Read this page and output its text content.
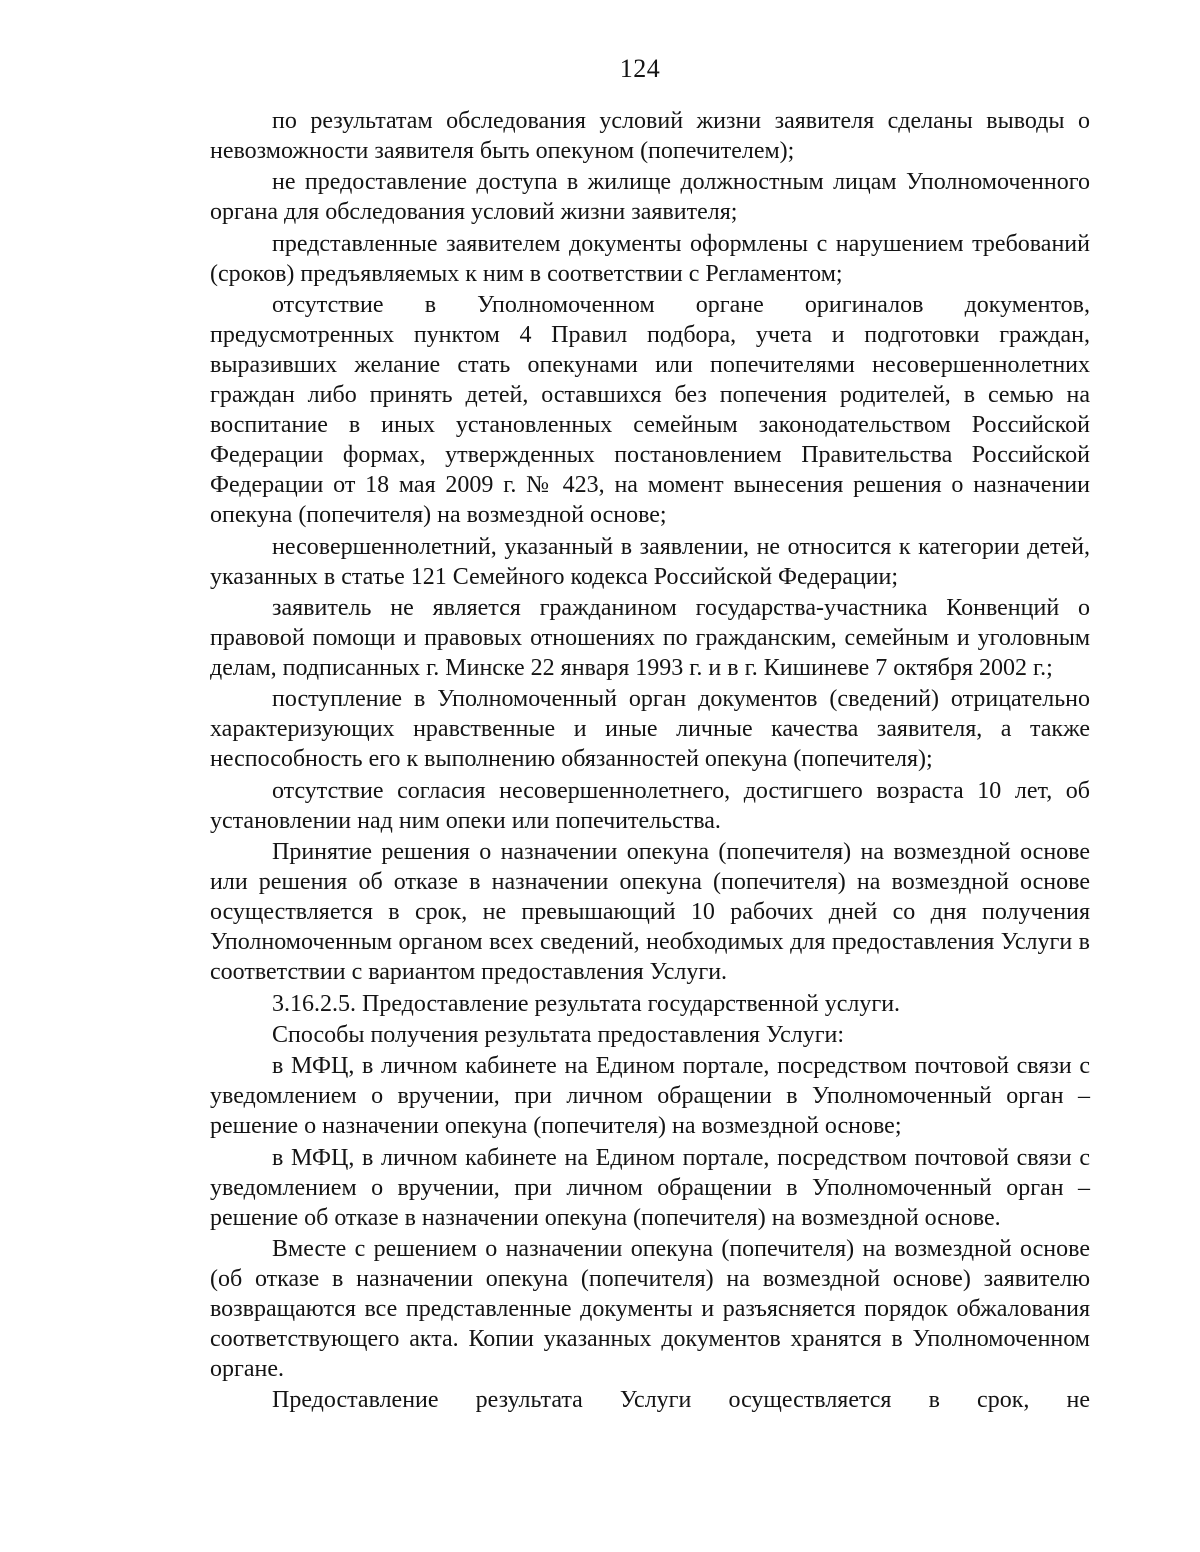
124

по результатам обследования условий жизни заявителя сделаны выводы о невозможности заявителя быть опекуном (попечителем);

не предоставление доступа в жилище должностным лицам Уполномоченного органа для обследования условий жизни заявителя;

представленные заявителем документы оформлены с нарушением требований (сроков) предъявляемых к ним в соответствии с Регламентом;

отсутствие в Уполномоченном органе оригиналов документов, предусмотренных пунктом 4 Правил подбора, учета и подготовки граждан, выразивших желание стать опекунами или попечителями несовершеннолетних граждан либо принять детей, оставшихся без попечения родителей, в семью на воспитание в иных установленных семейным законодательством Российской Федерации формах, утвержденных постановлением Правительства Российской Федерации от 18 мая 2009 г. № 423, на момент вынесения решения о назначении опекуна (попечителя) на возмездной основе;

несовершеннолетний, указанный в заявлении, не относится к категории детей, указанных в статье 121 Семейного кодекса Российской Федерации;

заявитель не является гражданином государства-участника Конвенций о правовой помощи и правовых отношениях по гражданским, семейным и уголовным делам, подписанных г. Минске 22 января 1993 г. и в г. Кишиневе 7 октября 2002 г.;

поступление в Уполномоченный орган документов (сведений) отрицательно характеризующих нравственные и иные личные качества заявителя, а также неспособность его к выполнению обязанностей опекуна (попечителя);

отсутствие согласия несовершеннолетнего, достигшего возраста 10 лет, об установлении над ним опеки или попечительства.

Принятие решения о назначении опекуна (попечителя) на возмездной основе или решения об отказе в назначении опекуна (попечителя) на возмездной основе осуществляется в срок, не превышающий 10 рабочих дней со дня получения Уполномоченным органом всех сведений, необходимых для предоставления Услуги в соответствии с вариантом предоставления Услуги.

3.16.2.5. Предоставление результата государственной услуги.

Способы получения результата предоставления Услуги:

в МФЦ, в личном кабинете на Едином портале, посредством почтовой связи с уведомлением о вручении, при личном обращении в Уполномоченный орган – решение о назначении опекуна (попечителя) на возмездной основе;

в МФЦ, в личном кабинете на Едином портале, посредством почтовой связи с уведомлением о вручении, при личном обращении в Уполномоченный орган – решение об отказе в назначении опекуна (попечителя) на возмездной основе.

Вместе с решением о назначении опекуна (попечителя) на возмездной основе (об отказе в назначении опекуна (попечителя) на возмездной основе) заявителю возвращаются все представленные документы и разъясняется порядок обжалования соответствующего акта. Копии указанных документов хранятся в Уполномоченном органе.

Предоставление результата Услуги осуществляется в срок, не
